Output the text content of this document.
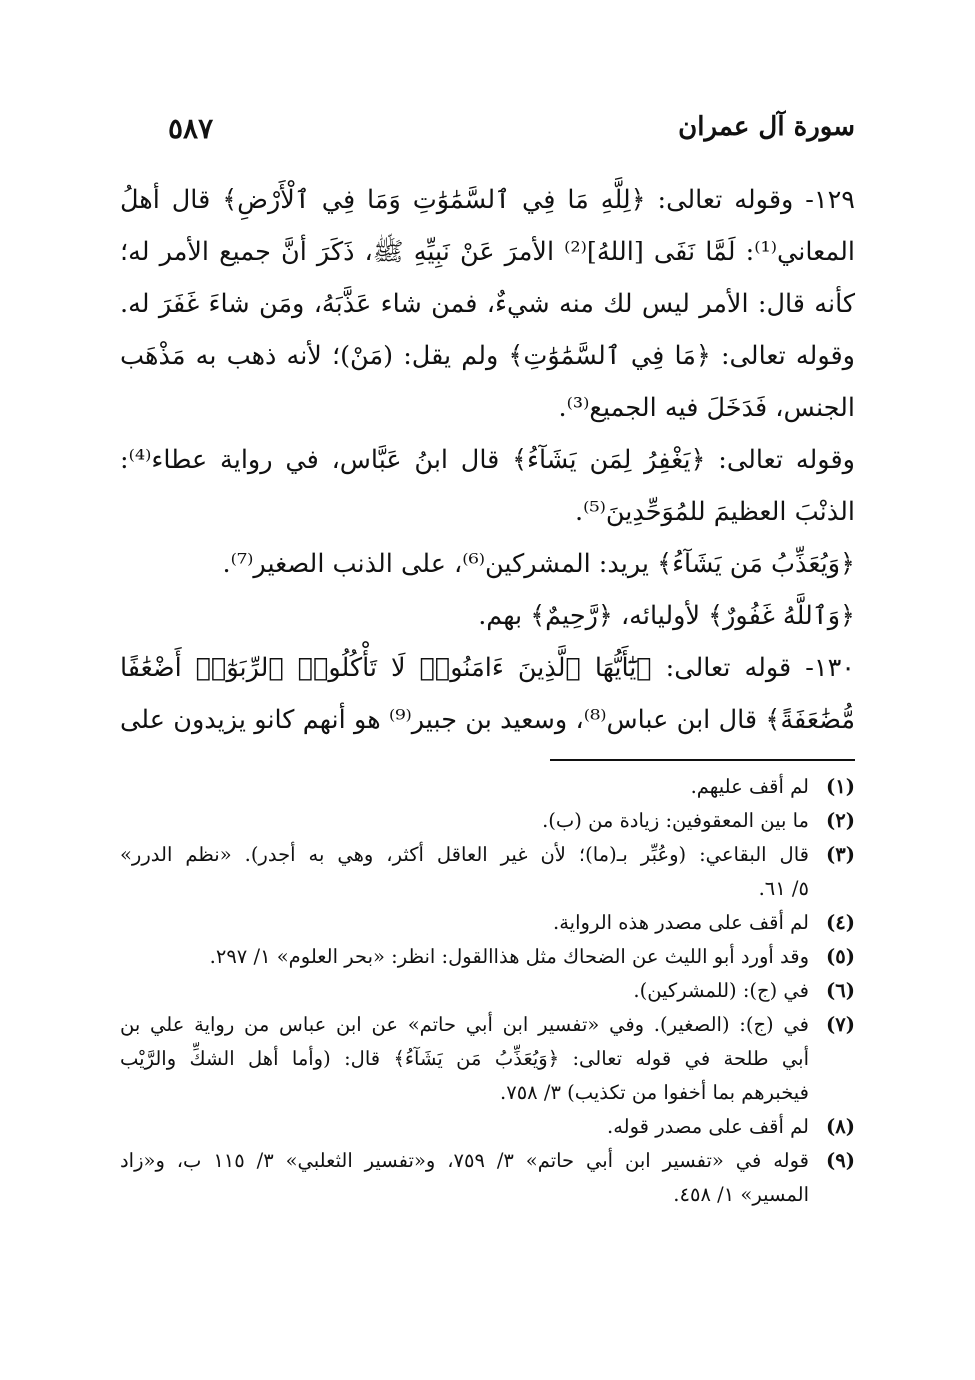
٥٨٧	سورة آل عمران
١٢٩- وقوله تعالى: ﴿لِلَّهِ مَا فِي ٱلسَّمَٰوَٰتِ وَمَا فِي ٱلْأَرْضِ﴾ قال أهلُ
المعاني⁽¹⁾: لَمَّا نَفَى [اللهُ]⁽²⁾ الأمرَ عَنْ نَبِيِّهِ ﷺ، ذَكَرَ أنَّ جميع الأمر له؛
كأنه قال: الأمر ليس لك منه شيءٌ، فمن شاء عَذَّبَهُ، ومَن شاءَ غَفَرَ له.
وقوله تعالى: ﴿مَا فِي ٱلسَّمَٰوَٰتِ﴾ ولم يقل: (مَنْ)؛ لأنه ذهب به مَذْهَب
الجنس، فَدَخَلَ فيه الجميع⁽³⁾.
وقوله تعالى: ﴿يَغْفِرُ لِمَن يَشَآءُ﴾ قال ابنُ عَبَّاس، في رواية عطاء⁽⁴⁾:
الذنْبَ العظيمَ للمُوَحِّدِينَ⁽⁵⁾.
﴿وَيُعَذِّبُ مَن يَشَآءُ﴾ يريد: المشركين⁽⁶⁾، على الذنب الصغير⁽⁷⁾.
﴿وَٱللَّهُ غَفُورٌ﴾ لأوليائه، ﴿رَّحِيمٌ﴾ بهم.
١٣٠- قوله تعالى: ﴿يَٰٓأَيُّهَا ٱلَّذِينَ ءَامَنُوا۟ لَا تَأْكُلُوا۟ ٱلرِّبَوٰٓا۟ أَضْعَٰفًا
مُّضَٰعَفَةً﴾ قال ابن عباس⁽⁸⁾، وسعيد بن جبير⁽⁹⁾ هو أنهم كانو يزيدون على
(١)
لم أقف عليهم.
(٢)
ما بين المعقوفين: زيادة من (ب).
(٣)
قال البقاعي: (وعُبِّر بـ(ما)؛ لأن غير العاقل أكثر، وهي به أجدر). «نظم الدرر»
٥/ ٦١.
(٤)
لم أقف على مصدر هذه الرواية.
(٥)
وقد أورد أبو الليث عن الضحاك مثل هذاالقول: انظر: «بحر العلوم» ١/ ٢٩٧.
(٦)
في (ج): (للمشركين).
(٧)
في (ج): (الصغير). وفي «تفسير ابن أبي حاتم» عن ابن عباس من رواية علي بن
أبي طلحة في قوله تعالى: ﴿وَيُعَذِّبُ مَن يَشَآءُ﴾ قال: (وأما أهل الشكِّ والرَّيْب
فيخبرهم بما أخفوا من تكذيب) ٣/ ٧٥٨.
(٨)
لم أقف على مصدر قوله.
(٩)
قوله في «تفسير ابن أبي حاتم» ٣/ ٧٥٩، و«تفسير الثعلبي» ٣/ ١١٥ ب، و«زاد
المسير» ١/ ٤٥٨.
